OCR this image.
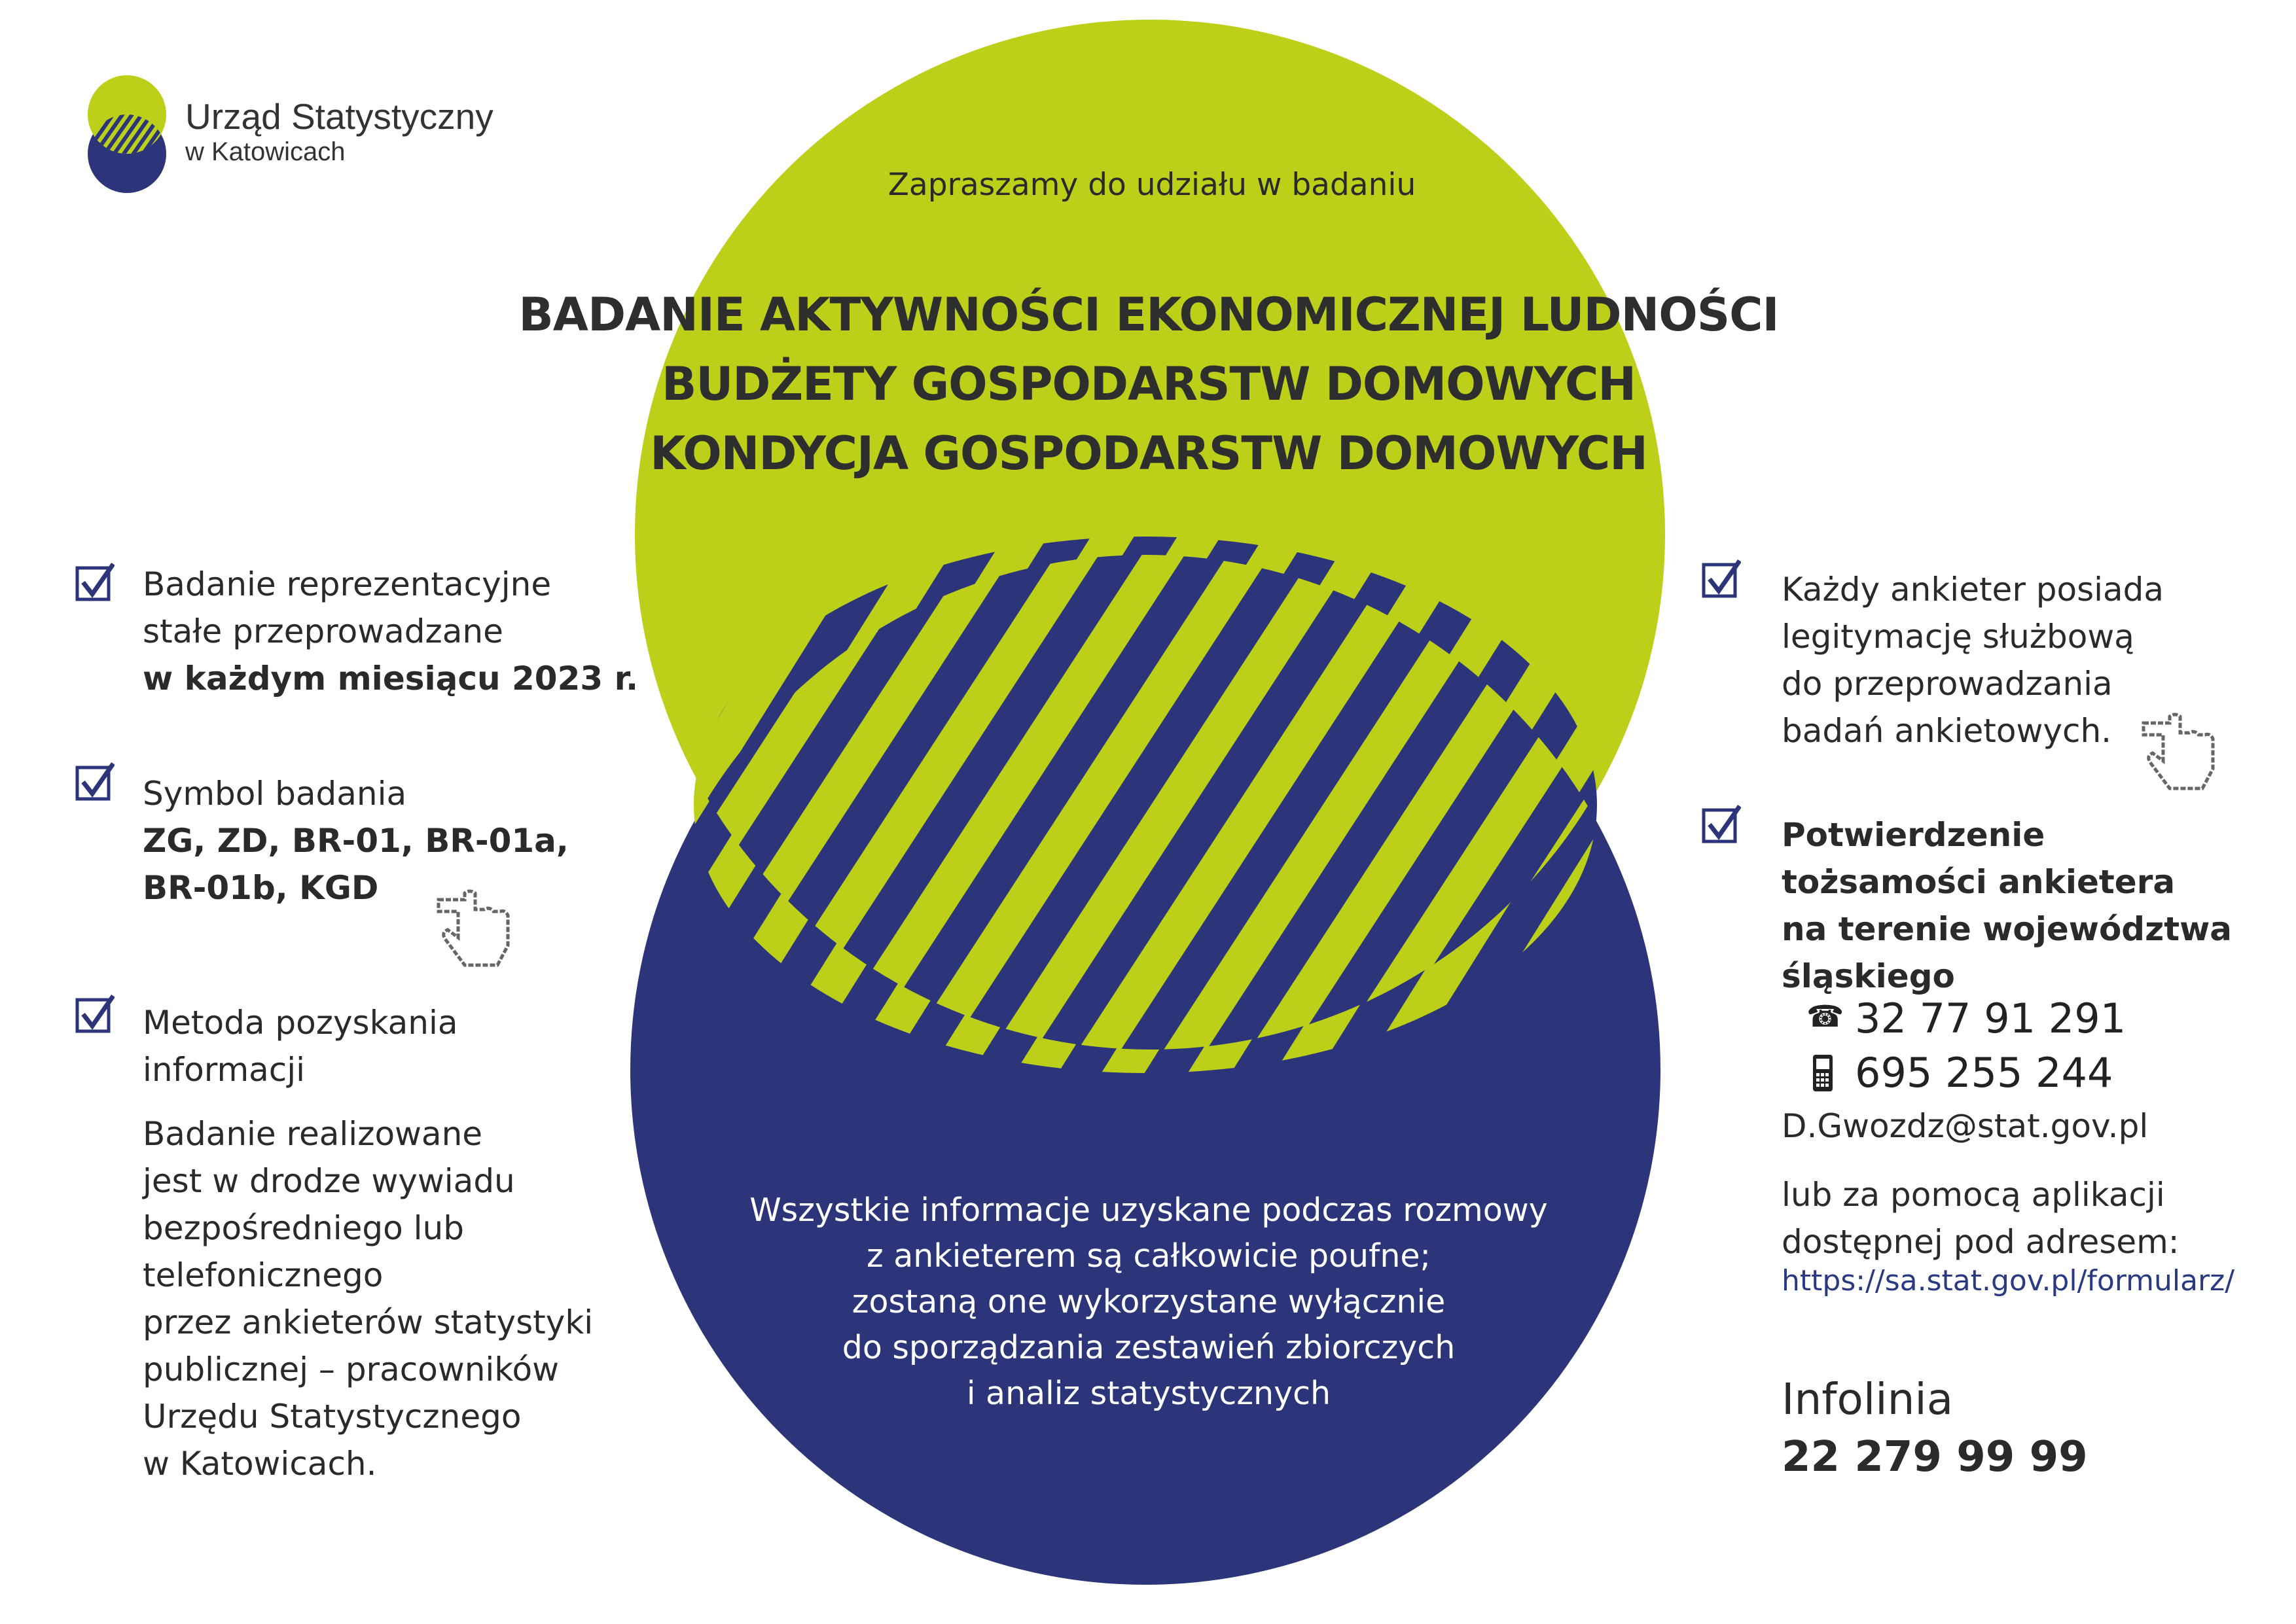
Urząd Statystyczny
w Katowicach
Zapraszamy do udziału w badaniu
BADANIE AKTYWNOŚCI EKONOMICZNEJ LUDNOŚCI
BUDŻETY GOSPODARSTW DOMOWYCH
KONDYCJA GOSPODARSTW DOMOWYCH
Badanie reprezentacyjne
stałe przeprowadzane
w każdym miesiącu 2023 r.
Symbol badania
ZG, ZD, BR-01, BR-01a,
BR-01b, KGD
Metoda pozyskania
informacji
Badanie realizowane
jest w drodze wywiadu
bezpośredniego lub
telefonicznego
przez ankieterów statystyki
publicznej – pracowników
Urzędu Statystycznego
w Katowicach.
Wszystkie informacje uzyskane podczas rozmowy
z ankieterem są całkowicie poufne;
zostaną one wykorzystane wyłącznie
do sporządzania zestawień zbiorczych
i analiz statystycznych
Każdy ankieter posiada
legitymację służbową
do przeprowadzania
badań ankietowych.
Potwierdzenie
tożsamości ankietera
na terenie województwa
śląskiego
☎ 32 77 91 291
695 255 244
D.Gwozdz@stat.gov.pl
lub za pomocą aplikacji
dostępnej pod adresem:
https://sa.stat.gov.pl/formularz/
Infolinia
22 279 99 99
